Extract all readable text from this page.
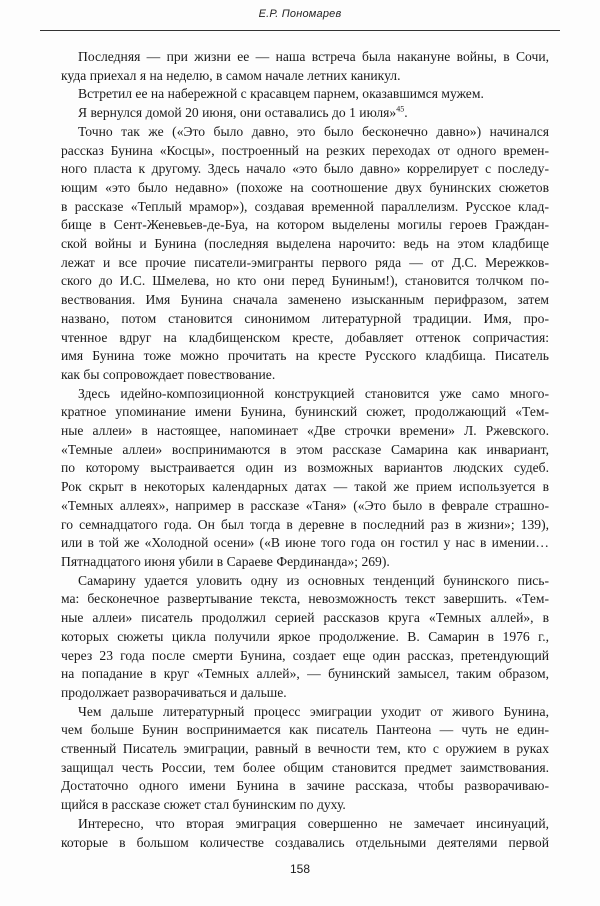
Е.Р. Пономарев

Последняя — при жизни ее — наша встреча была накануне войны, в Сочи,
куда приехал я на неделю, в самом начале летних каникул.

Встретил ее на набережной с красавцем парнем, оказавшимся мужем.

Я вернулся домой 20 июня, они оставались до 1 июля»$^{45}$.

Точно так же («Это было давно, это было бесконечно давно») начинался
рассказ Бунина «Косцы», построенный на резких переходах от одного времен-
ного пласта к другому. Здесь начало «это было давно» коррелирует с последу-
ющим «это было недавно» (похоже на соотношение двух бунинских сюжетов
в рассказе «Теплый мрамор»), создавая временной параллелизм. Русское клад-
бище в Сент-Женевьев-де-Буа, на котором выделены могилы героев Граждан-
ской войны и Бунина (последняя выделена нарочито: ведь на этом кладбище
лежат и все прочие писатели-эмигранты первого ряда — от Д.С. Мережков-
ского до И.С. Шмелева, но кто они перед Буниным!), становится толчком по-
вествования. Имя Бунина сначала заменено изысканным перифразом, затем
названо, потом становится синонимом литературной традиции. Имя, про-
чтенное вдруг на кладбищенском кресте, добавляет оттенок сопричастия:
имя Бунина тоже можно прочитать на кресте Русского кладбища. Писатель
как бы сопровождает повествование.

Здесь идейно-композиционной конструкцией становится уже само много-
кратное упоминание имени Бунина, бунинский сюжет, продолжающий «Тем-
ные аллеи» в настоящее, напоминает «Две строчки времени» Л. Ржевского.
«Темные аллеи» воспринимаются в этом рассказе Самарина как инвариант,
по которому выстраивается один из возможных вариантов людских судеб.
Рок скрыт в некоторых календарных датах — такой же прием используется в
«Темных аллеях», например в рассказе «Таня» («Это было в феврале страшно-
го семнадцатого года. Он был тогда в деревне в последний раз в жизни»; 139),
или в той же «Холодной осени» («В июне того года он гостил у нас в имении…
Пятнадцатого июня убили в Сараеве Фердинанда»; 269).

Самарину удается уловить одну из основных тенденций бунинского пись-
ма: бесконечное развертывание текста, невозможность текст завершить. «Тем-
ные аллеи» писатель продолжил серией рассказов круга «Темных аллей», в
которых сюжеты цикла получили яркое продолжение. В. Самарин в 1976 г.,
через 23 года после смерти Бунина, создает еще один рассказ, претендующий
на попадание в круг «Темных аллей», — бунинский замысел, таким образом,
продолжает разворачиваться и дальше.

Чем дальше литературный процесс эмиграции уходит от живого Бунина,
чем больше Бунин воспринимается как писатель Пантеона — чуть не един-
ственный Писатель эмиграции, равный в вечности тем, кто с оружием в руках
защищал честь России, тем более общим становится предмет заимствования.
Достаточно одного имени Бунина в зачине рассказа, чтобы разворачиваю-
щийся в рассказе сюжет стал бунинским по духу.

Интересно, что вторая эмиграция совершенно не замечает инсинуаций,
которые в большом количестве создавались отдельными деятелями первой

158
